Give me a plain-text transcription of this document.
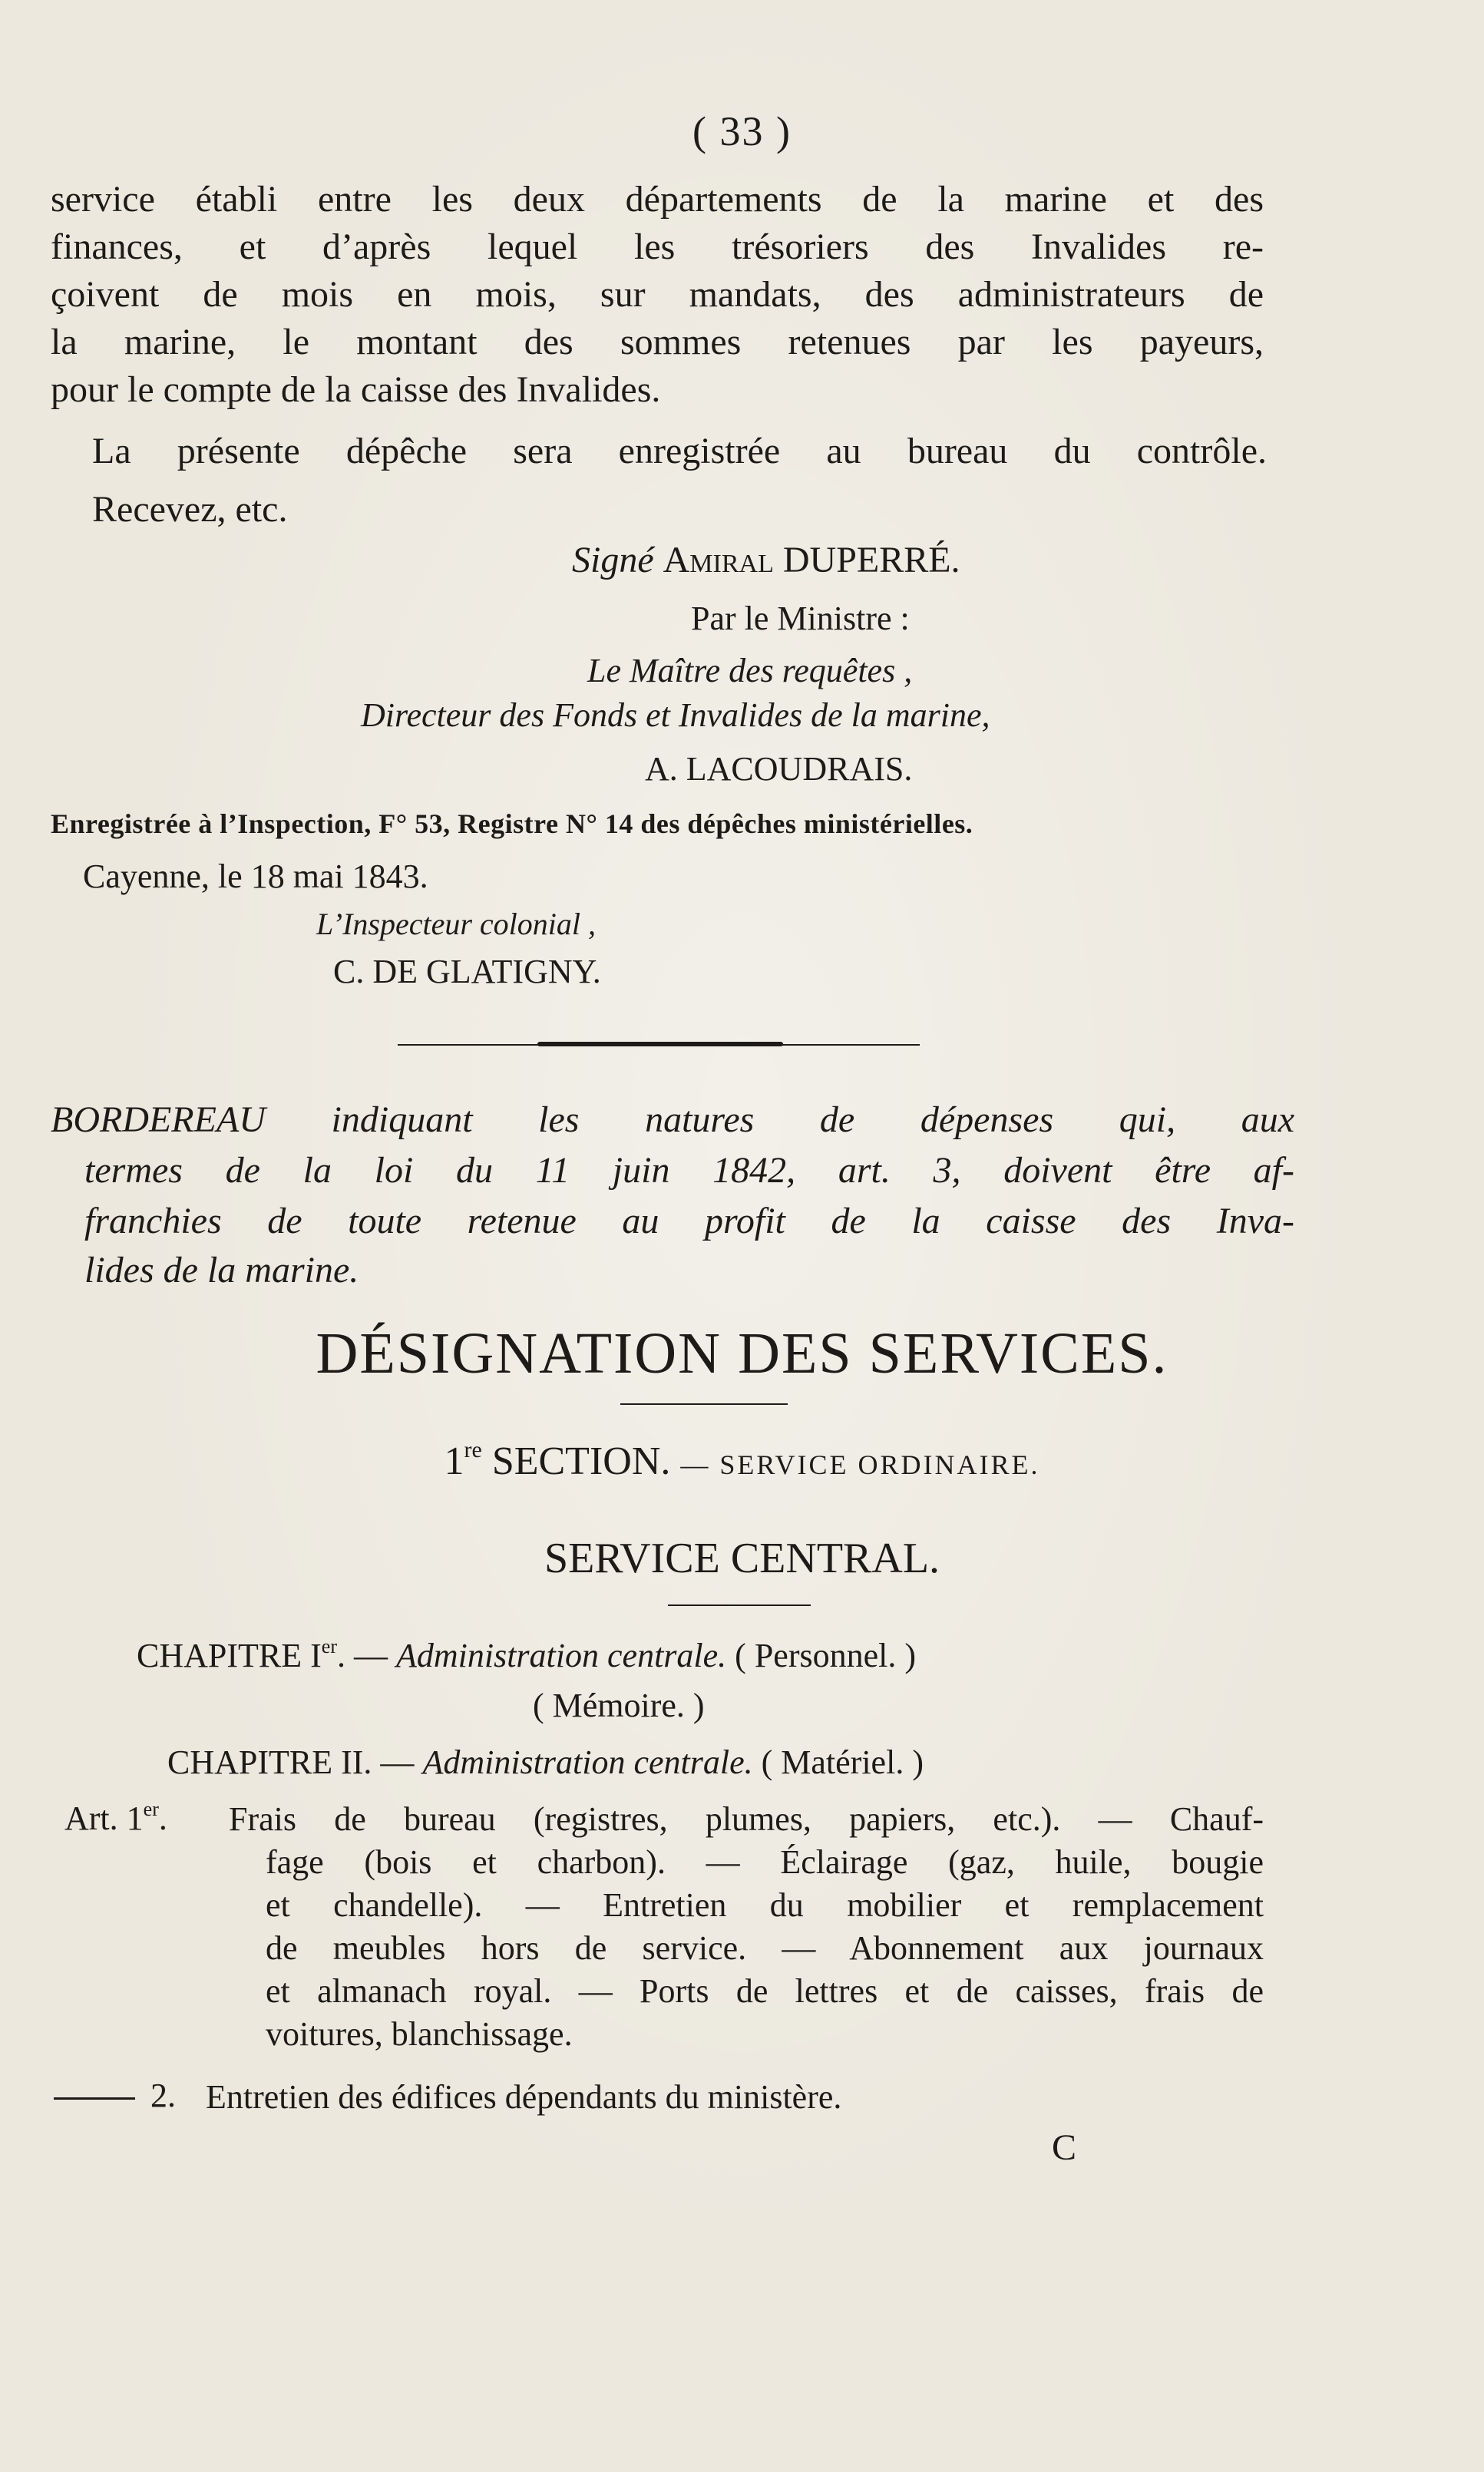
( 33 )
service établi entre les deux départements de la marine et des
finances, et d’après lequel les trésoriers des Invalides re-
çoivent de mois en mois, sur mandats, des administrateurs de
la marine, le montant des sommes retenues par les payeurs,
pour le compte de la caisse des Invalides.
La présente dépêche sera enregistrée au bureau du contrôle.
Recevez, etc.
Signé Amiral DUPERRÉ.
Par le Ministre :
Le Maître des requêtes ,
Directeur des Fonds et Invalides de la marine,
A. LACOUDRAIS.
Enregistrée à l’Inspection, F° 53, Registre N° 14 des dépêches ministérielles.
Cayenne, le 18 mai 1843.
L’Inspecteur colonial ,
C. DE GLATIGNY.
BORDEREAU indiquant les natures de dépenses qui, aux
termes de la loi du 11 juin 1842, art. 3, doivent être af-
franchies de toute retenue au profit de la caisse des Inva-
lides de la marine.
DÉSIGNATION DES SERVICES.
1re SECTION. — SERVICE ORDINAIRE.
SERVICE CENTRAL.
CHAPITRE Ier. — Administration centrale. ( Personnel. )
( Mémoire. )
CHAPITRE II. — Administration centrale. ( Matériel. )
Art. 1er. Frais de bureau (registres, plumes, papiers, etc.). — Chauf-
fage (bois et charbon). — Éclairage (gaz, huile, bougie
et chandelle). — Entretien du mobilier et remplacement
de meubles hors de service. — Abonnement aux journaux
et almanach royal. — Ports de lettres et de caisses, frais de
voitures, blanchissage.
2. Entretien des édifices dépendants du ministère.
C
